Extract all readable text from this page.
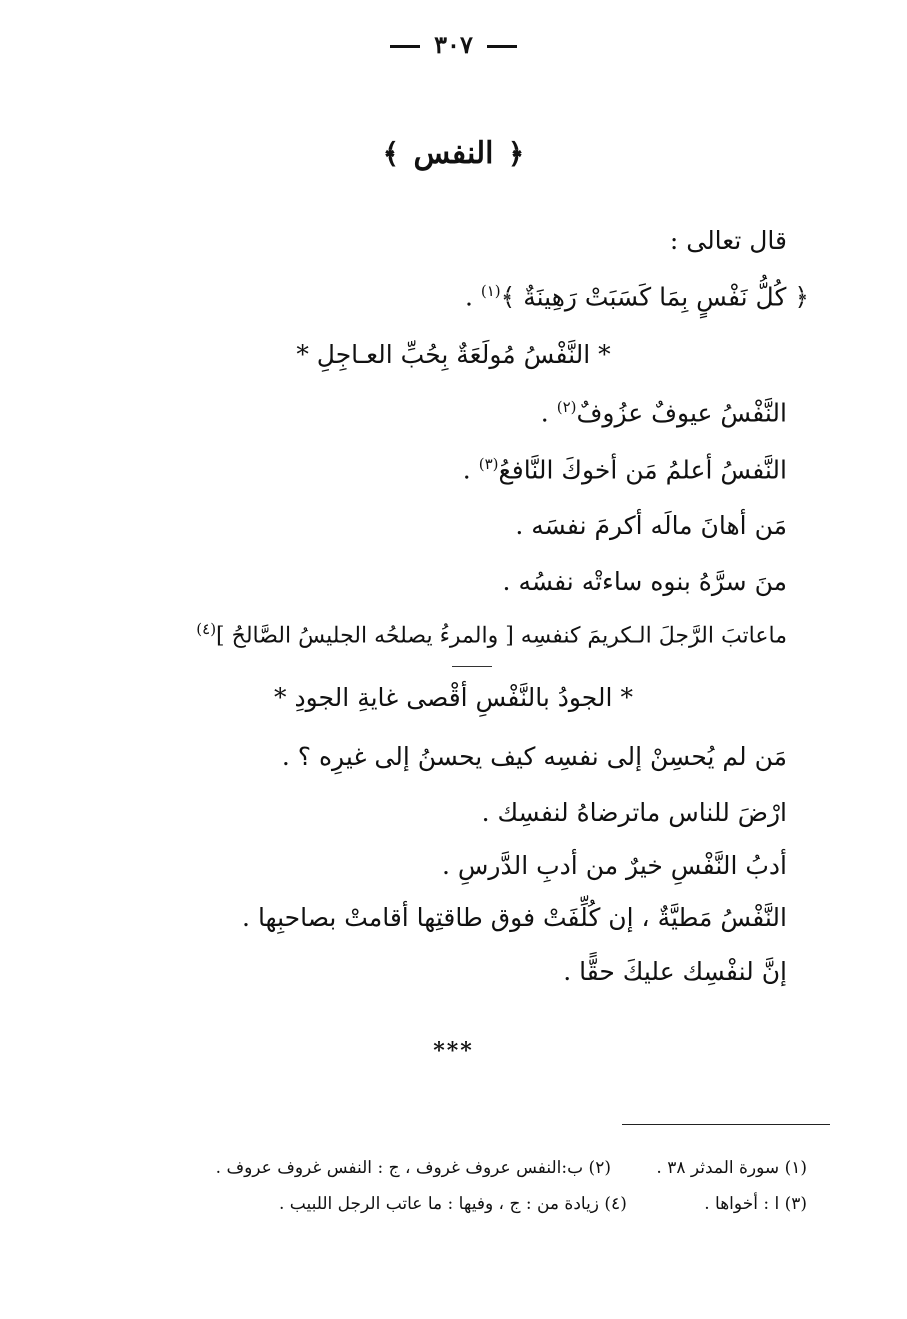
٣٠٧
﴿ النفس ﴾
قال تعالى :
﴿ كُلُّ نَفْسٍ بِمَا كَسَبَتْ رَهِينَةٌ ﴾$^{(١)}$ .
* النَّفْسُ مُولَعَةٌ بِحُبِّ العـاجِلِ *
النَّفْسُ عيوفٌ عزُوفٌ$^{(٢)}$ .
النَّفسُ أعلمُ مَن أخوكَ النَّافعُ$^{(٣)}$ .
مَن أهانَ مالَه أكرمَ نفسَه .
منَ سرَّهُ بنوه ساءتْه نفسُه .
ماعاتبَ الرَّجلَ الـكريمَ كنفسِه [ والمرءُ يصلحُه الجليسُ الصَّالحُ ]$^{(٤)}$
* الجودُ بالنَّفْسِ أقْصى غايةِ الجودِ *
مَن لم يُحسِنْ إلى نفسِه كيف يحسنُ إلى غيرِه ؟ .
ارْضَ للناس ماترضاهُ لنفسِك .
أدبُ النَّفْسِ خيرٌ من أدبِ الدَّرسِ .
النَّفْسُ مَطيَّةٌ ، إن كُلِّفَتْ فوق طاقتِها أقامتْ بصاحبِها .
إنَّ لنفْسِك عليكَ حقًّا .
***
(١) سورة المدثر ٣٨ . (٢) ب:النفس عروف غروف ، ج : النفس غروف عروف .
(٣) ا : أخواها . (٤) زيادة من : ج ، وفيها : ما عاتب الرجل اللبيب .
